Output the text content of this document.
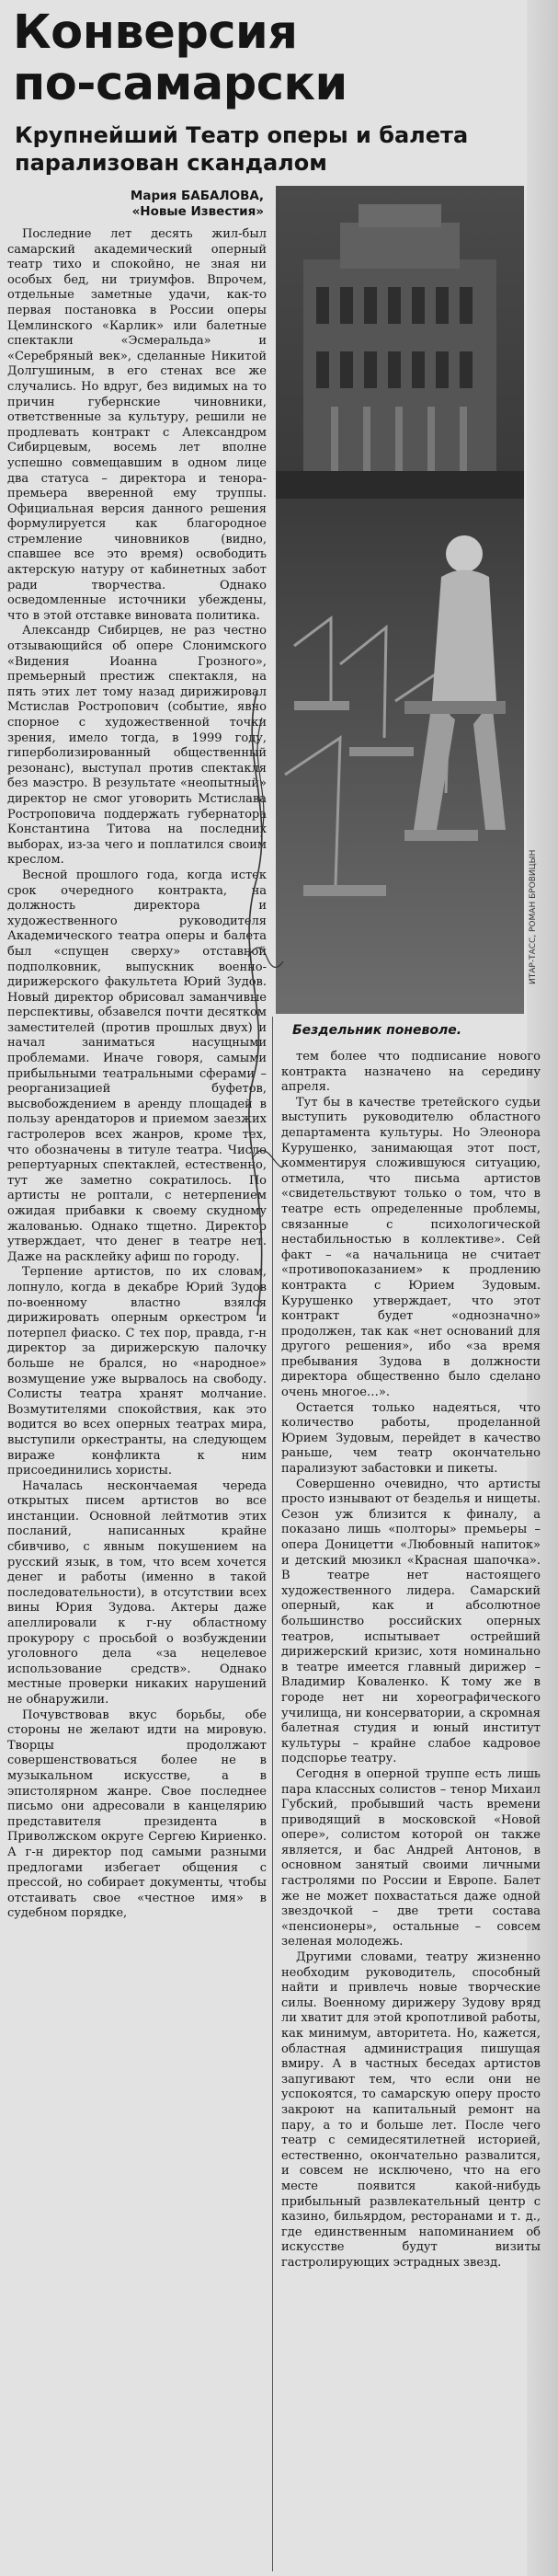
Конверсия
по-самарски
Крупнейший Театр оперы и балета парализован скандалом
Мария БАБАЛОВА,
«Новые Известия»

Последние лет десять жил-был самарский академический оперный театр тихо и спокойно, не зная ни особых бед, ни триумфов. Впрочем, отдельные заметные удачи, как-то первая постановка в России оперы Цемлинского «Карлик» или балетные спектакли «Эсмеральда» и «Серебряный век», сделанные Никитой Долгушиным, в его стенах все же случались. Но вдруг, без видимых на то причин губернские чиновники, ответственные за культуру, решили не продлевать контракт с Александром Сибирцевым, восемь лет вполне успешно совмещавшим в одном лице два статуса – директора и тенора-премьера вверенной ему труппы. Официальная версия данного решения формулируется как благородное стремление чиновников (видно, спавшее все это время) освободить актерскую натуру от кабинетных забот ради творчества. Однако осведомленные источники убеждены, что в этой отставке виновата политика.

Александр Сибирцев, не раз честно отзывающийся об опере Слонимского «Видения Иоанна Грозного», премьерный престиж спектакля, на пять этих лет тому назад дирижировал Мстислав Ростропович (событие, явно спорное с художественной точки зрения, имело тогда, в 1999 году, гиперболизированный общественный резонанс), выступал против спектакля без маэстро. В результате «неопытный» директор не смог уговорить Мстислава Ростроповича поддержать губернатора Константина Титова на последних выборах, из-за чего и поплатился своим креслом.

Весной прошлого года, когда истек срок очередного контракта, на должность директора и художественного руководителя Академического театра оперы и балета был «спущен сверху» отставной подполковник, выпускник военно-дирижерского факультета Юрий Зудов. Новый директор обрисовал заманчивые перспективы, обзавелся почти десятком заместителей (против прошлых двух) и начал заниматься насущными проблемами. Иначе говоря, самыми прибыльными театральными сферами – реорганизацией буфетов, высвобождением в аренду площадей в пользу арендаторов и приемом заезжих гастролеров всех жанров, кроме тех, что обозначены в титуле театра. Число репертуарных спектаклей, естественно, тут же заметно сократилось. По артисты не роптали, с нетерпением ожидая прибавки к своему скудному жалованью. Однако тщетно. Директор утверждает, что денег в театре нет. Даже на расклейку афиш по городу.

Терпение артистов, по их словам, лопнуло, когда в декабре Юрий Зудов по-военному властно взялся дирижировать оперным оркестром и потерпел фиаско. С тех пор, правда, г-н директор за дирижерскую палочку больше не брался, но «народное» возмущение уже вырвалось на свободу. Солисты театра хранят молчание. Возмутителями спокойствия, как это водится во всех оперных театрах мира, выступили оркестранты, на следующем вираже конфликта к ним присоединились хористы.

Началась нескончаемая череда открытых писем артистов во все инстанции. Основной лейтмотив этих посланий, написанных крайне сбивчиво, с явным покушением на русский язык, в том, что всем хочется денег и работы (именно в такой последовательности), в отсутствии всех вины Юрия Зудова. Актеры даже апеллировали к г-ну областному прокурору с просьбой о возбуждении уголовного дела «за нецелевое использование средств». Однако местные проверки никаких нарушений не обнаружили.

Почувствовав вкус борьбы, обе стороны не желают идти на мировую. Творцы продолжают совершенствоваться более не в музыкальном искусстве, а в эпистолярном жанре. Свое последнее письмо они адресовали в канцелярию представителя президента в Приволжском округе Сергею Кириенко. А г-н директор под самыми разными предлогами избегает общения с прессой, но собирает документы, чтобы отстаивать свое «честное имя» в судебном порядке,

ИТАР-ТАСС, РОМАН БРОВИЦЫН
Бездельник поневоле.

тем более что подписание нового контракта назначено на середину апреля.

Тут бы в качестве третейского судьи выступить руководителю областного департамента культуры. Но Элеонора Курушенко, занимающая этот пост, комментируя сложившуюся ситуацию, отметила, что письма артистов «свидетельствуют только о том, что в театре есть определенные проблемы, связанные с психологической нестабильностью в коллективе». Сей факт – «а начальница не считает «противопоказанием» к продлению контракта с Юрием Зудовым. Курушенко утверждает, что этот контракт будет «однозначно» продолжен, так как «нет оснований для другого решения», ибо «за время пребывания Зудова в должности директора общественно было сделано очень многое…».

Остается только надеяться, что количество работы, проделанной Юрием Зудовым, перейдет в качество раньше, чем театр окончательно парализуют забастовки и пикеты.

Совершенно очевидно, что артисты просто изнывают от безделья и нищеты. Сезон уж близится к финалу, а показано лишь «полторы» премьеры – опера Доницетти «Любовный напиток» и детский мюзикл «Красная шапочка». В театре нет настоящего художественного лидера. Самарский оперный, как и абсолютное большинство российских оперных театров, испытывает острейший дирижерский кризис, хотя номинально в театре имеется главный дирижер – Владимир Коваленко. К тому же в городе нет ни хореографического училища, ни консерватории, а скромная балетная студия и юный институт культуры – крайне слабое кадровое подспорье театру.

Сегодня в оперной труппе есть лишь пара классных солистов – тенор Михаил Губский, пробывший часть времени приводящий в московской «Новой опере», солистом которой он также является, и бас Андрей Антонов, в основном занятый своими личными гастролями по России и Европе. Балет же не может похвастаться даже одной звездочкой – две трети состава «пенсионеры», остальные – совсем зеленая молодежь.

Другими словами, театру жизненно необходим руководитель, способный найти и привлечь новые творческие силы. Военному дирижеру Зудову вряд ли хватит для этой кропотливой работы, как минимум, авторитета. Но, кажется, областная администрация пишущая вмиру. А в частных беседах артистов запугивают тем, что если они не успокоятся, то самарскую оперу просто закроют на капитальный ремонт на пару, а то и больше лет. После чего театр с семидесятилетней историей, естественно, окончательно развалится, и совсем не исключено, что на его месте появится какой-нибудь прибыльный развлекательный центр с казино, бильярдом, ресторанами и т. д., где единственным напоминанием об искусстве будут визиты гастролирующих эстрадных звезд.
